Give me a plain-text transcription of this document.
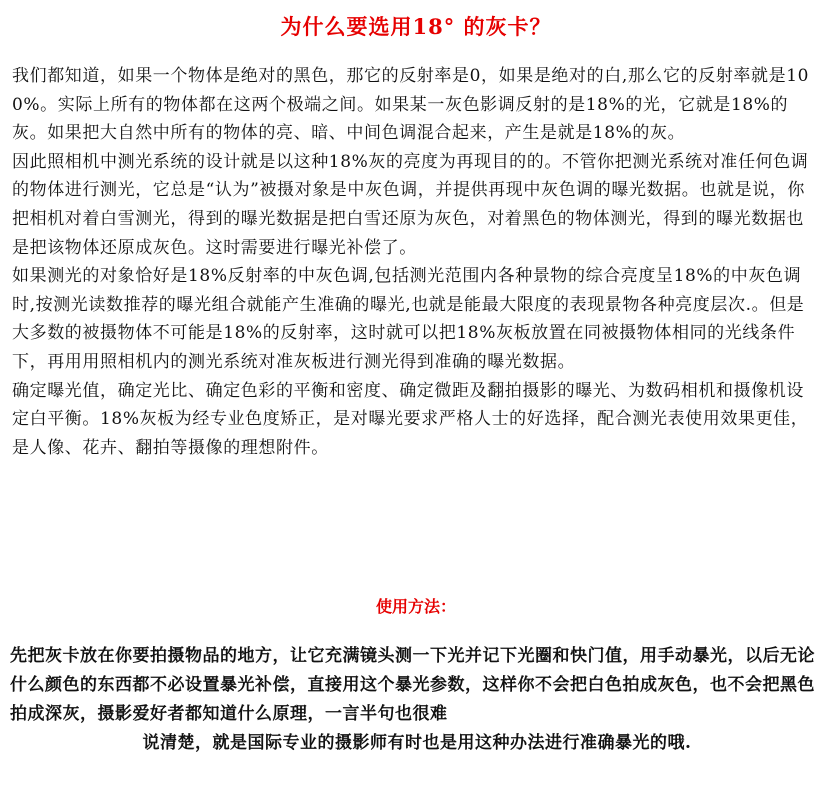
为什么要选用18° 的灰卡？

我们都知道，如果一个物体是绝对的黑色，那它的反射率是0，如果是绝对的白,那么它的反射率就是100%。实际上所有的物体都在这两个极端之间。如果某一灰色影调反射的是18%的光，它就是18%的灰。如果把大自然中所有的物体的亮、暗、中间色调混合起来，产生是就是18%的灰。

因此照相机中测光系统的设计就是以这种18%灰的亮度为再现目的的。不管你把测光系统对准任何色调的物体进行测光，它总是“认为”被摄对象是中灰色调，并提供再现中灰色调的曝光数据。也就是说，你把相机对着白雪测光，得到的曝光数据是把白雪还原为灰色，对着黑色的物体测光，得到的曝光数据也是把该物体还原成灰色。这时需要进行曝光补偿了。

如果测光的对象恰好是18%反射率的中灰色调,包括测光范围内各种景物的综合亮度呈18%的中灰色调时,按测光读数推荐的曝光组合就能产生准确的曝光,也就是能最大限度的表现景物各种亮度层次.。但是大多数的被摄物体不可能是18%的反射率，这时就可以把18%灰板放置在同被摄物体相同的光线条件下，再用用照相机内的测光系统对准灰板进行测光得到准确的曝光数据。

确定曝光值，确定光比、确定色彩的平衡和密度、确定微距及翻拍摄影的曝光、为数码相机和摄像机设定白平衡。18%灰板为经专业色度矫正，是对曝光要求严格人士的好选择，配合测光表使用效果更佳，是人像、花卉、翻拍等摄像的理想附件。

使用方法：
先把灰卡放在你要拍摄物品的地方，让它充满镜头测一下光并记下光圈和快门值，用手动暴光，以后无论什么颜色的东西都不必设置暴光补偿，直接用这个暴光参数，这样你不会把白色拍成灰色，也不会把黑色拍成深灰，摄影爱好者都知道什么原理，一言半句也很难
说清楚，就是国际专业的摄影师有时也是用这种办法进行准确暴光的哦.
